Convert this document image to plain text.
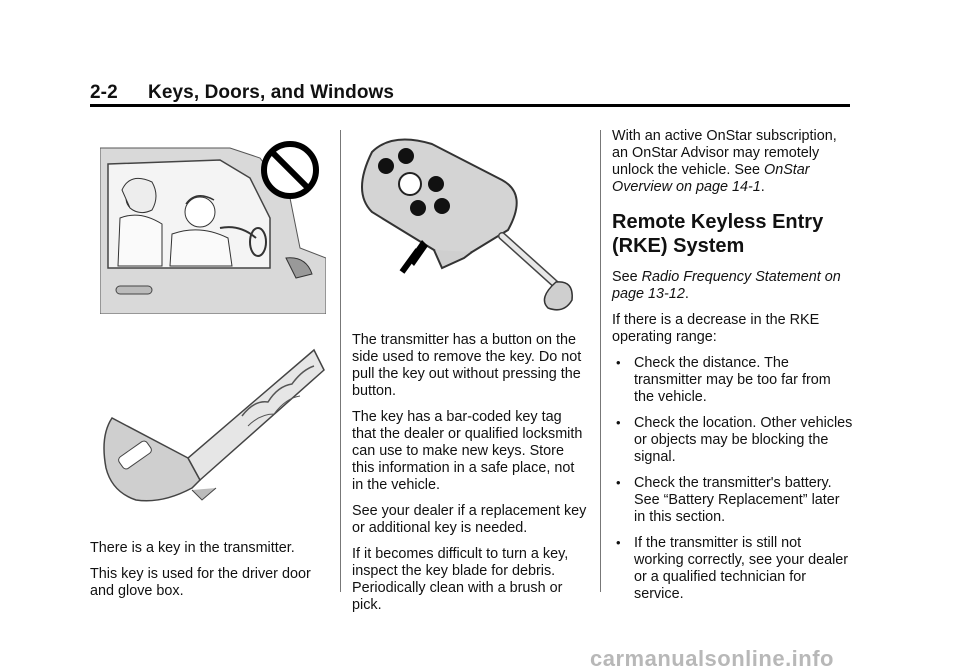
2-2 Keys, Doors, and Windows

There is a key in the transmitter.

This key is used for the driver door and glove box.

The transmitter has a button on the side used to remove the key. Do not pull the key out without pressing the button.

The key has a bar-coded key tag that the dealer or qualified locksmith can use to make new keys. Store this information in a safe place, not in the vehicle.

See your dealer if a replacement key or additional key is needed.

If it becomes difficult to turn a key, inspect the key blade for debris. Periodically clean with a brush or pick.

With an active OnStar subscription, an OnStar Advisor may remotely unlock the vehicle. See OnStar Overview on page 14-1.

Remote Keyless Entry (RKE) System

See Radio Frequency Statement on page 13-12.

If there is a decrease in the RKE operating range:

• Check the distance. The transmitter may be too far from the vehicle.
• Check the location. Other vehicles or objects may be blocking the signal.
• Check the transmitter's battery. See “Battery Replacement” later in this section.
• If the transmitter is still not working correctly, see your dealer or a qualified technician for service.
carmanualsonline.info
